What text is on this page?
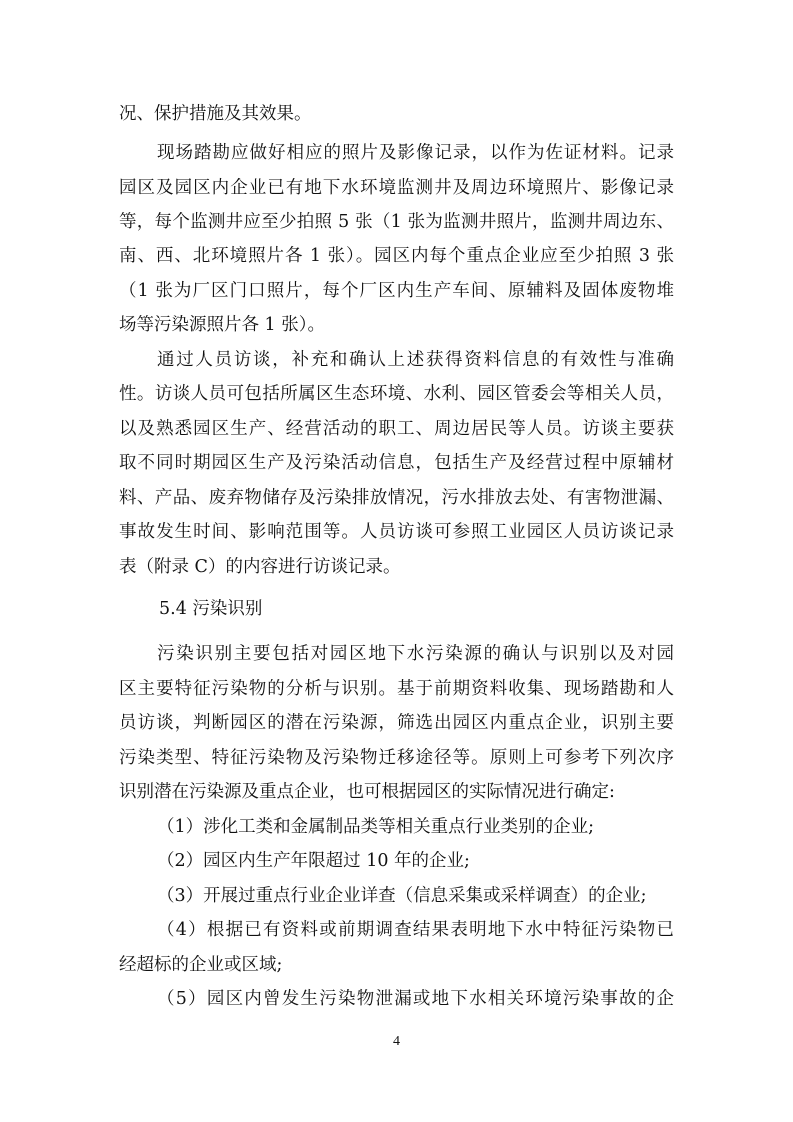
况、保护措施及其效果。
现场踏勘应做好相应的照片及影像记录，以作为佐证材料。记录
园区及园区内企业已有地下水环境监测井及周边环境照片、影像记录
等，每个监测井应至少拍照 5 张（1 张为监测井照片，监测井周边东、
南、西、北环境照片各 1 张）。园区内每个重点企业应至少拍照 3 张
（1 张为厂区门口照片，每个厂区内生产车间、原辅料及固体废物堆
场等污染源照片各 1 张）。
通过人员访谈，补充和确认上述获得资料信息的有效性与准确
性。访谈人员可包括所属区生态环境、水利、园区管委会等相关人员，
以及熟悉园区生产、经营活动的职工、周边居民等人员。访谈主要获
取不同时期园区生产及污染活动信息，包括生产及经营过程中原辅材
料、产品、废弃物储存及污染排放情况，污水排放去处、有害物泄漏、
事故发生时间、影响范围等。人员访谈可参照工业园区人员访谈记录
表（附录 C）的内容进行访谈记录。
5.4 污染识别
污染识别主要包括对园区地下水污染源的确认与识别以及对园
区主要特征污染物的分析与识别。基于前期资料收集、现场踏勘和人
员访谈，判断园区的潜在污染源，筛选出园区内重点企业，识别主要
污染类型、特征污染物及污染物迁移途径等。原则上可参考下列次序
识别潜在污染源及重点企业，也可根据园区的实际情况进行确定:
（1）涉化工类和金属制品类等相关重点行业类别的企业;
（2）园区内生产年限超过 10 年的企业;
（3）开展过重点行业企业详查（信息采集或采样调查）的企业;
（4）根据已有资料或前期调查结果表明地下水中特征污染物已
经超标的企业或区域;
（5）园区内曾发生污染物泄漏或地下水相关环境污染事故的企
4
